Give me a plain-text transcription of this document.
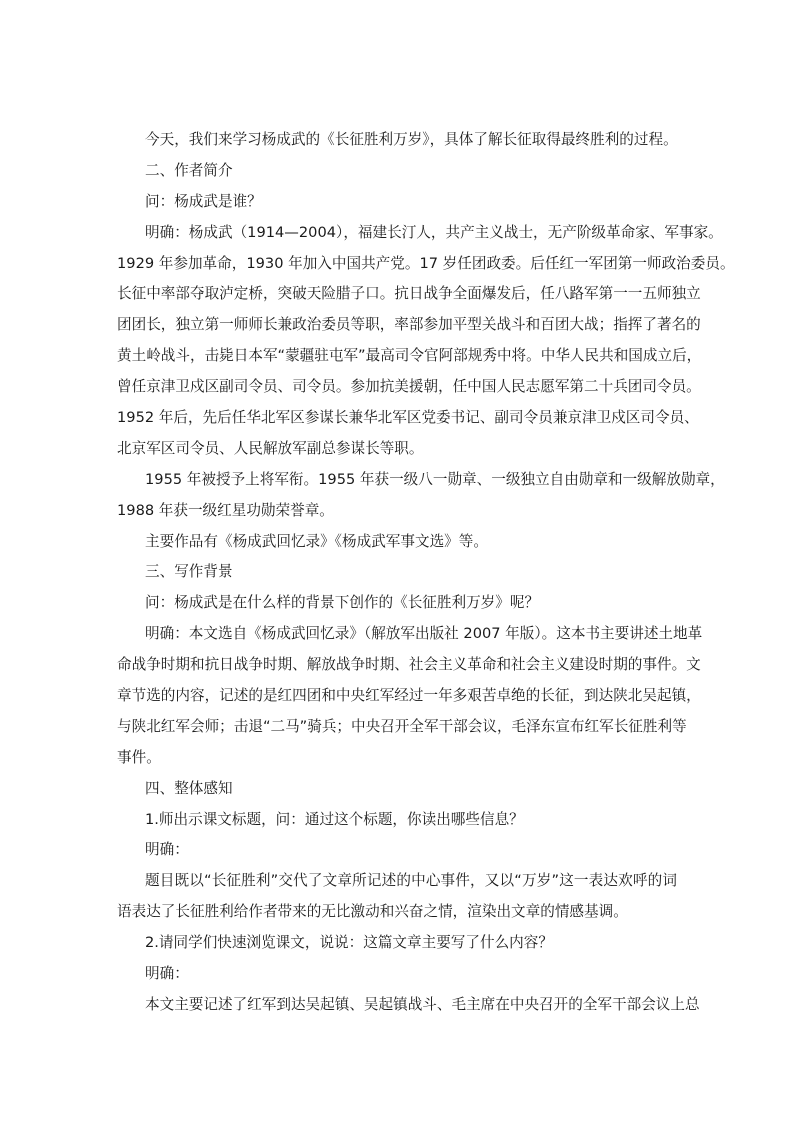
今天，我们来学习杨成武的《长征胜利万岁》，具体了解长征取得最终胜利的过程。
二、作者简介
问：杨成武是谁？
明确：杨成武（1914—2004），福建长汀人，共产主义战士，无产阶级革命家、军事家。
1929 年参加革命，1930 年加入中国共产党。17 岁任团政委。后任红一军团第一师政治委员。
长征中率部夺取泸定桥，突破天险腊子口。抗日战争全面爆发后，任八路军第一一五师独立
团团长，独立第一师师长兼政治委员等职，率部参加平型关战斗和百团大战；指挥了著名的
黄土岭战斗，击毙日本军“蒙疆驻屯军”最高司令官阿部规秀中将。中华人民共和国成立后，
曾任京津卫戍区副司令员、司令员。参加抗美援朝，任中国人民志愿军第二十兵团司令员。
1952 年后，先后任华北军区参谋长兼华北军区党委书记、副司令员兼京津卫戍区司令员、
北京军区司令员、人民解放军副总参谋长等职。
1955 年被授予上将军衔。1955 年获一级八一勋章、一级独立自由勋章和一级解放勋章，
1988 年获一级红星功勋荣誉章。
主要作品有《杨成武回忆录》《杨成武军事文选》等。
三、写作背景
问：杨成武是在什么样的背景下创作的《长征胜利万岁》呢？
明确：本文选自《杨成武回忆录》（解放军出版社 2007 年版）。这本书主要讲述土地革
命战争时期和抗日战争时期、解放战争时期、社会主义革命和社会主义建设时期的事件。文
章节选的内容，记述的是红四团和中央红军经过一年多艰苦卓绝的长征，到达陕北吴起镇，
与陕北红军会师；击退“二马”骑兵；中央召开全军干部会议，毛泽东宣布红军长征胜利等
事件。
四、整体感知
1.师出示课文标题，问：通过这个标题，你读出哪些信息？
明确：
题目既以“长征胜利”交代了文章所记述的中心事件，又以“万岁”这一表达欢呼的词
语表达了长征胜利给作者带来的无比激动和兴奋之情，渲染出文章的情感基调。
2.请同学们快速浏览课文，说说：这篇文章主要写了什么内容？
明确：
本文主要记述了红军到达吴起镇、吴起镇战斗、毛主席在中央召开的全军干部会议上总
